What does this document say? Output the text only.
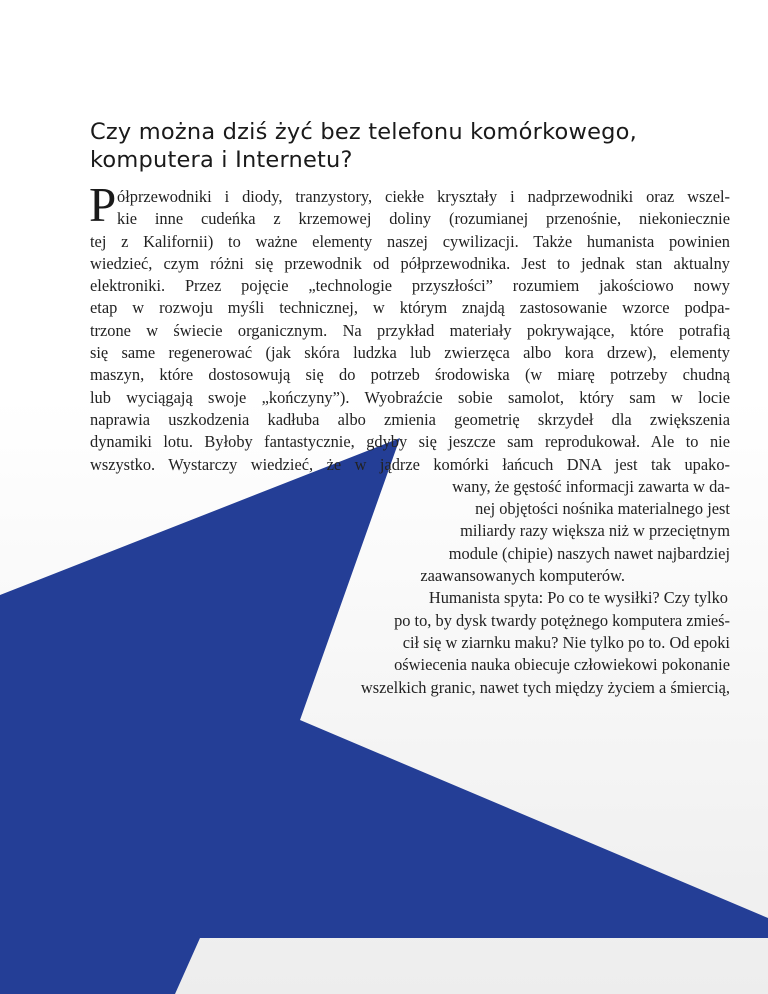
Czy można dziś żyć bez telefonu komórkowego, komputera i Internetu?
P ółprzewodniki i diody, tranzystory, ciekłe kryształy i nadprzewodniki oraz wszel-
kie inne cudeńka z krzemowej doliny (rozumianej przenośnie, niekoniecznie
tej z Kalifornii) to ważne elementy naszej cywilizacji. Także humanista powinien
wiedzieć, czym różni się przewodnik od półprzewodnika. Jest to jednak stan aktualny
elektroniki. Przez pojęcie „technologie przyszłości” rozumiem jakościowo nowy
etap w rozwoju myśli technicznej, w którym znajdą zastosowanie wzorce podpa-
trzone w świecie organicznym. Na przykład materiały pokrywające, które potrafią
się same regenerować (jak skóra ludzka lub zwierzęca albo kora drzew), elementy
maszyn, które dostosowują się do potrzeb środowiska (w miarę potrzeby chudną
lub wyciągają swoje „kończyny”). Wyobraźcie sobie samolot, który sam w locie
naprawia uszkodzenia kadłuba albo zmienia geometrię skrzydeł dla zwiększenia
dynamiki lotu. Byłoby fantastycznie, gdyby się jeszcze sam reprodukował. Ale to nie
wszystko. Wystarczy wiedzieć, że w jądrze komórki łańcuch DNA jest tak upako-
wany, że gęstość informacji zawarta w da-
nej objętości nośnika materialnego jest
miliardy razy większa niż w przeciętnym
module (chipie) naszych nawet najbardziej
zaawansowanych komputerów.
Humanista spyta: Po co te wysiłki? Czy tylko
po to, by dysk twardy potężnego komputera zmieś-
cił się w ziarnku maku? Nie tylko po to. Od epoki
oświecenia nauka obiecuje człowiekowi pokonanie
wszelkich granic, nawet tych między życiem a śmiercią,
